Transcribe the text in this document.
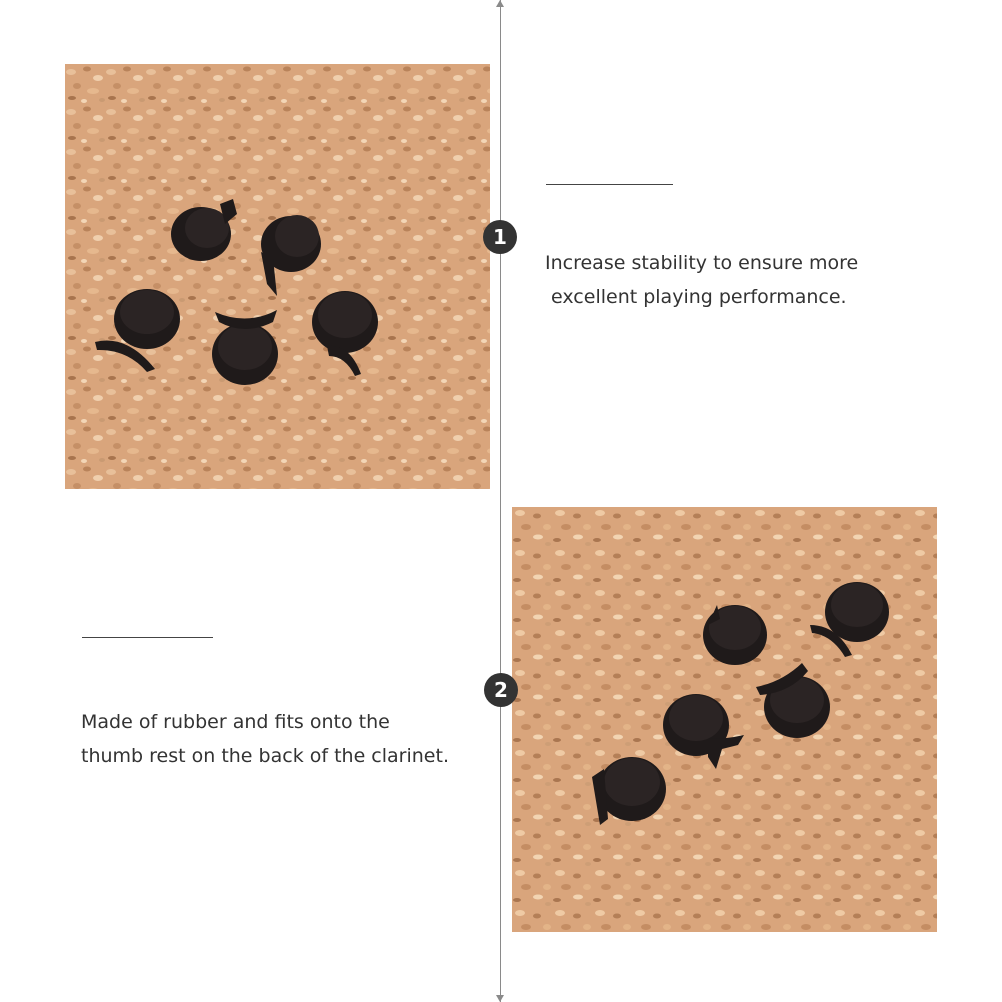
1
Increase stability to ensure more
excellent playing performance.
2
Made of rubber and fits onto the
thumb rest on the back of the clarinet.
